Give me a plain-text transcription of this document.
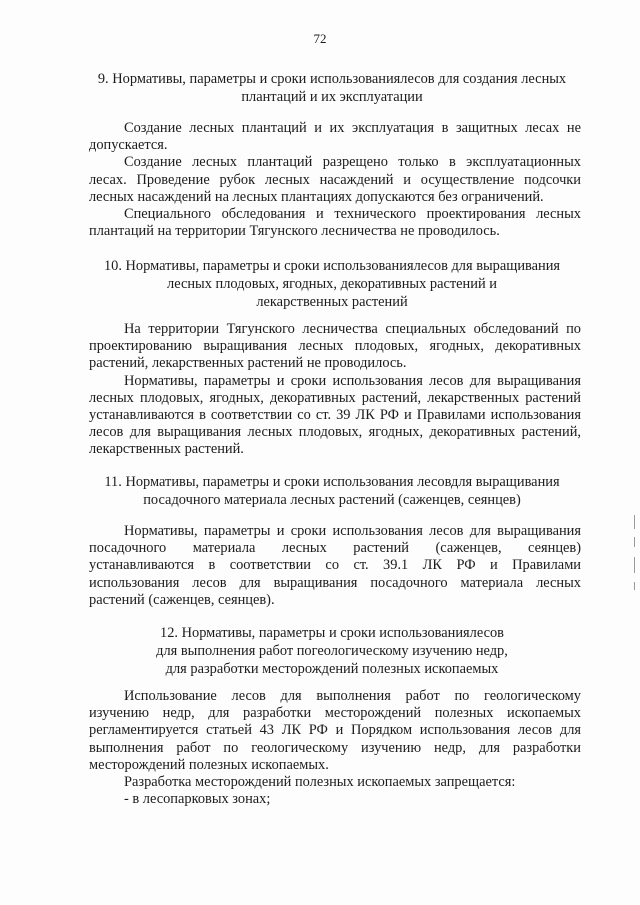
72
9. Нормативы, параметры и сроки использованиялесов для создания лесных
плантаций и их эксплуатации
Создание лесных плантаций и их эксплуатация в защитных лесах не
допускается.
Создание лесных плантаций разрещено только в эксплуатационных
лесах. Проведение рубок лесных насаждений и осуществление подсочки
лесных насаждений на лесных плантациях допускаются без ограничений.
Специального обследования и технического проектирования лесных
плантаций на территории Тягунского лесничества не проводилось.
10. Нормативы, параметры и сроки использованиялесов для выращивания
лесных плодовых, ягодных, декоративных растений и
лекарственных растений
На территории Тягунского лесничества специальных обследований по
проектированию выращивания лесных плодовых, ягодных, декоративных
растений, лекарственных растений не проводилось.
Нормативы, параметры и сроки использования лесов для выращивания
лесных плодовых, ягодных, декоративных растений, лекарственных растений
устанавливаются в соответствии со ст. 39 ЛК РФ и Правилами использования
лесов для выращивания лесных плодовых, ягодных, декоративных растений,
лекарственных растений.
11. Нормативы, параметры и сроки использования лесовдля выращивания
посадочного материала лесных растений (саженцев, сеянцев)
Нормативы, параметры и сроки использования лесов для выращивания
посадочного материала лесных растений (саженцев, сеянцев)
устанавливаются в соответствии со ст. 39.1 ЛК РФ и Правилами
использования лесов для выращивания посадочного материала лесных
растений (саженцев, сеянцев).
12. Нормативы, параметры и сроки использованиялесов
для выполнения работ погеологическому изучению недр,
для разработки месторождений полезных ископаемых
Использование лесов для выполнения работ по геологическому
изучению недр, для разработки месторождений полезных ископаемых
регламентируется статьей 43 ЛК РФ и Порядком использования лесов для
выполнения работ по геологическому изучению недр, для разработки
месторождений полезных ископаемых.
Разработка месторождений полезных ископаемых запрещается:
- в лесопарковых зонах;
